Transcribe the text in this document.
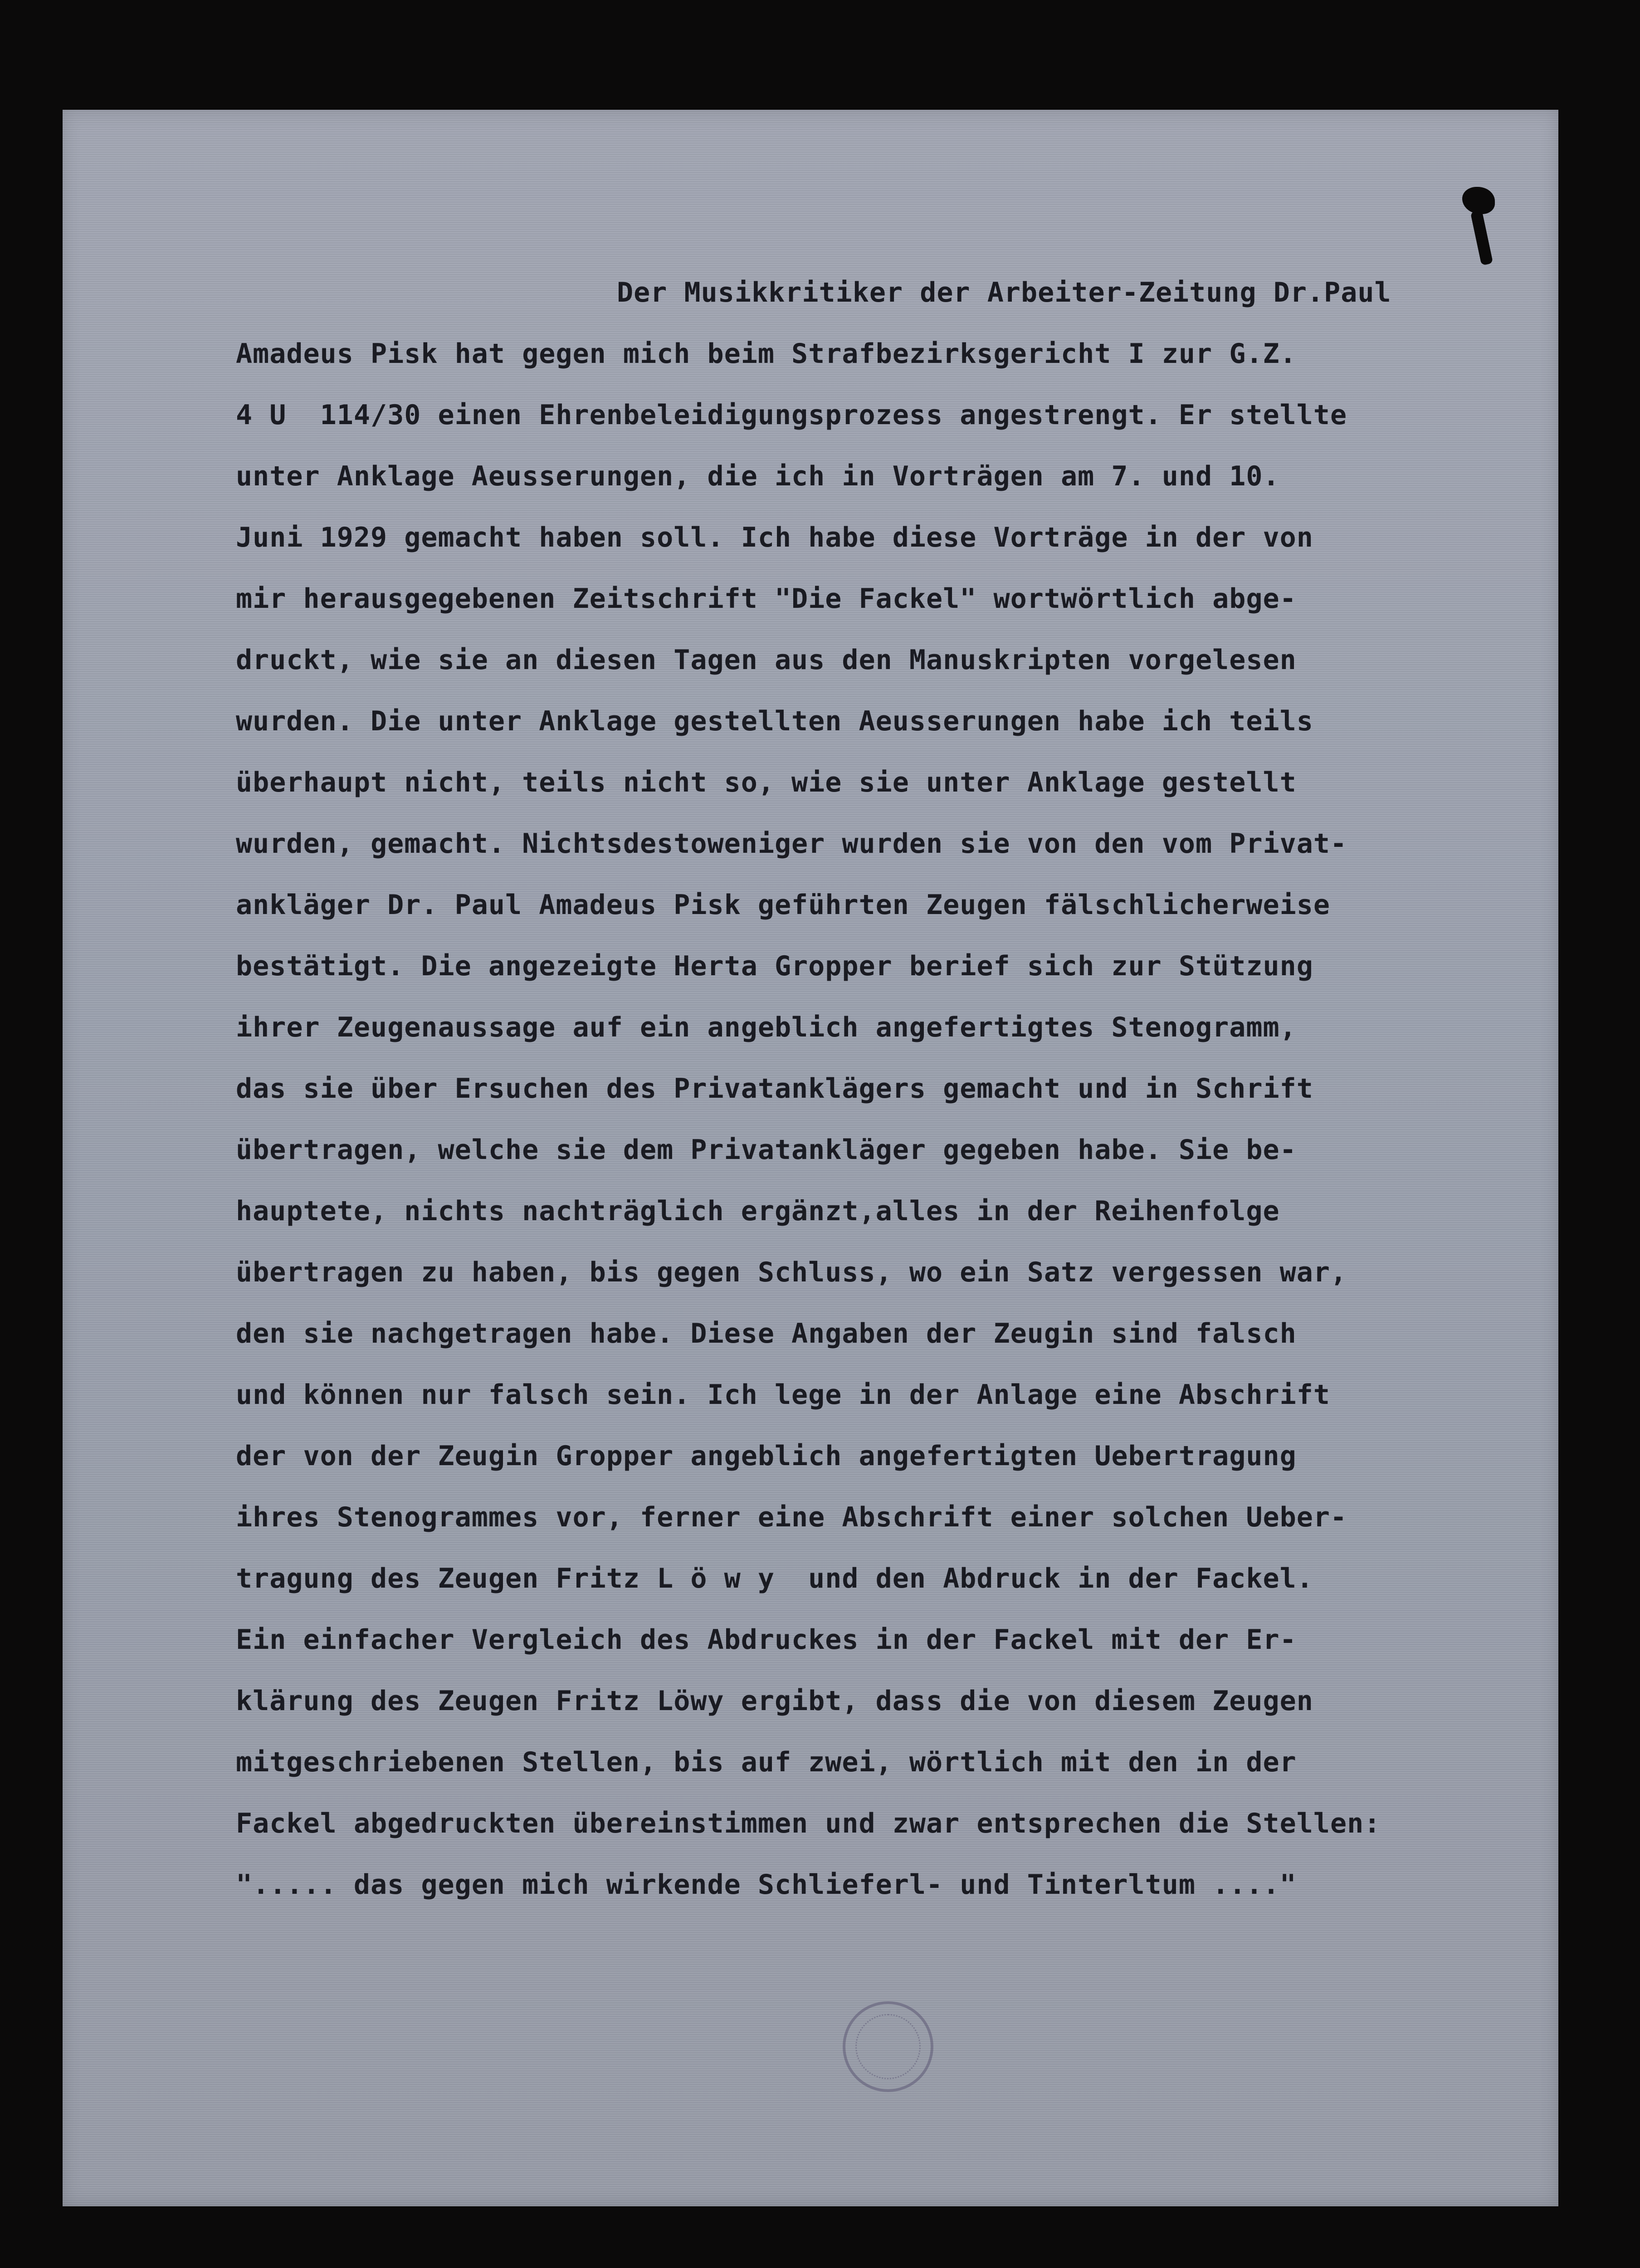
Der Musikkritiker der Arbeiter-Zeitung Dr.Paul
Amadeus Pisk hat gegen mich beim Strafbezirksgericht I zur G.Z.
4 U  114/30 einen Ehrenbeleidigungsprozess angestrengt. Er stellte
unter Anklage Aeusserungen, die ich in Vorträgen am 7. und 10.
Juni 1929 gemacht haben soll. Ich habe diese Vorträge in der von
mir herausgegebenen Zeitschrift "Die Fackel" wortwörtlich abge-
druckt, wie sie an diesen Tagen aus den Manuskripten vorgelesen
wurden. Die unter Anklage gestellten Aeusserungen habe ich teils
überhaupt nicht, teils nicht so, wie sie unter Anklage gestellt
wurden, gemacht. Nichtsdestoweniger wurden sie von den vom Privat-
ankläger Dr. Paul Amadeus Pisk geführten Zeugen fälschlicherweise
bestätigt. Die angezeigte Herta Gropper berief sich zur Stützung
ihrer Zeugenaussage auf ein angeblich angefertigtes Stenogramm,
das sie über Ersuchen des Privatanklägers gemacht und in Schrift
übertragen, welche sie dem Privatankläger gegeben habe. Sie be-
hauptete, nichts nachträglich ergänzt,alles in der Reihenfolge
übertragen zu haben, bis gegen Schluss, wo ein Satz vergessen war,
den sie nachgetragen habe. Diese Angaben der Zeugin sind falsch
und können nur falsch sein. Ich lege in der Anlage eine Abschrift
der von der Zeugin Gropper angeblich angefertigten Uebertragung
ihres Stenogrammes vor, ferner eine Abschrift einer solchen Ueber-
tragung des Zeugen Fritz L ö w y  und den Abdruck in der Fackel.
Ein einfacher Vergleich des Abdruckes in der Fackel mit der Er-
klärung des Zeugen Fritz Löwy ergibt, dass die von diesem Zeugen
mitgeschriebenen Stellen, bis auf zwei, wörtlich mit den in der
Fackel abgedruckten übereinstimmen und zwar entsprechen die Stellen:
"..... das gegen mich wirkende Schlieferl- und Tinterltum ...."
